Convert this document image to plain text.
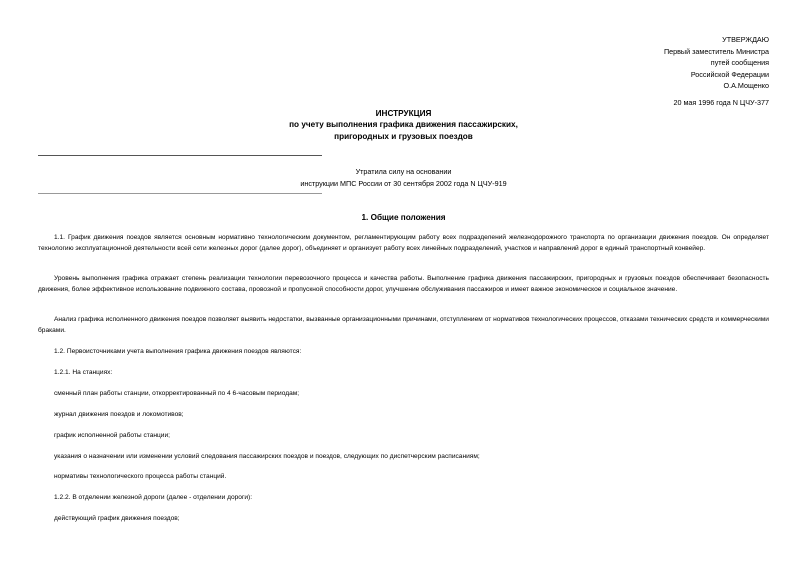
УТВЕРЖДАЮ
Первый заместитель Министра
путей сообщения
Российской Федерации
О.А.Мощенко
20 мая 1996 года N ЦЧУ-377
ИНСТРУКЦИЯ
по учету выполнения графика движения пассажирских,
пригородных и грузовых поездов
Утратила силу на основании
инструкции МПС России от 30 сентября 2002 года N ЦЧУ-919
1. Общие положения
1.1. График движения поездов является основным нормативно технологическим документом, регламентирующим работу всех подразделений железнодорожного транспорта по организации движения поездов. Он определяет технологию эксплуатационной деятельности всей сети железных дорог (далее дорог), объединяет и организует работу всех линейных подразделений, участков и направлений дорог в единый транспортный конвейер.
Уровень выполнения графика отражает степень реализации технологии перевозочного процесса и качества работы. Выполнение графика движения пассажирских, пригородных и грузовых поездов обеспечивает безопасность движения, более эффективное использование подвижного состава, провозной и пропускной способности дорог, улучшение обслуживания пассажиров и имеет важное экономическое и социальное значение.
Анализ графика исполненного движения поездов позволяет выявить недостатки, вызванные организационными причинами, отступлением от нормативов технологических процессов, отказами технических средств и коммерческими браками.
1.2. Первоисточниками учета выполнения графика движения поездов являются:
1.2.1. На станциях:
сменный план работы станции, откорректированный по 4 6-часовым периодам;
журнал движения поездов и локомотивов;
график исполненной работы станции;
указания о назначении или изменении условий следования пассажирских поездов и поездов, следующих по диспетчерским расписаниям;
нормативы технологического процесса работы станций.
1.2.2. В отделении железной дороги (далее - отделении дороги):
действующий график движения поездов;
